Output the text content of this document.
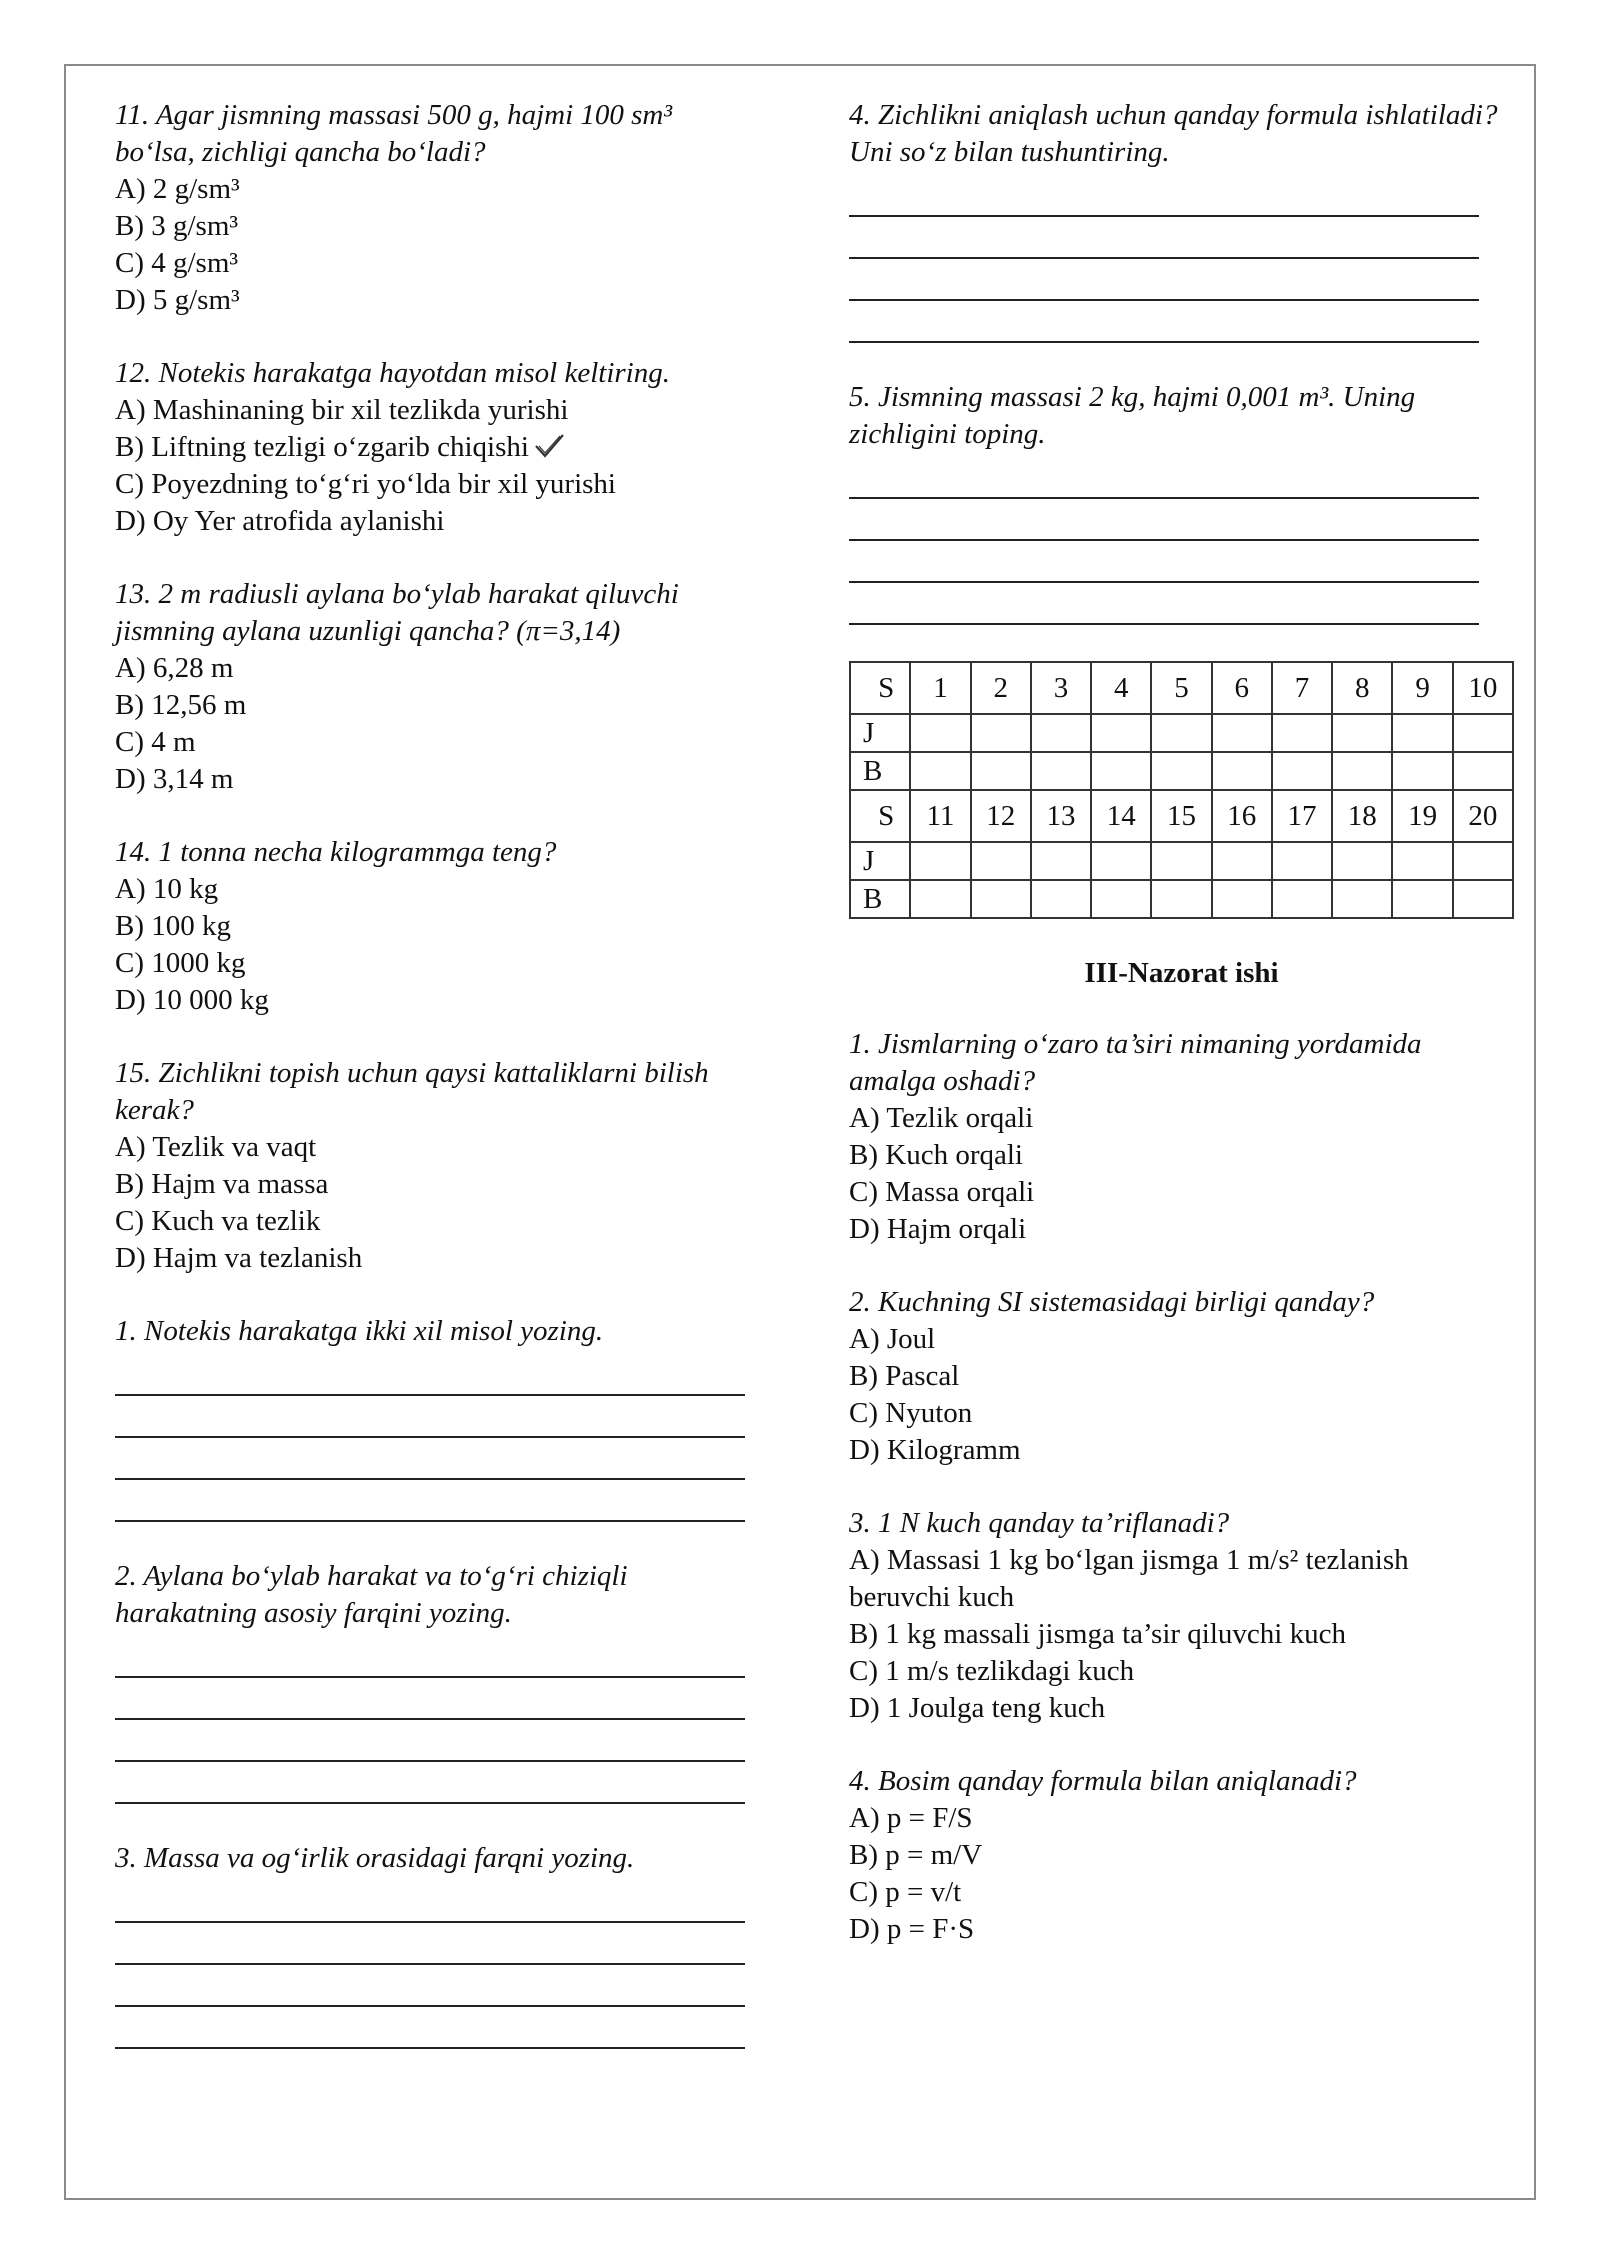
11. Agar jismning massasi 500 g, hajmi 100 sm³ bo‘lsa, zichligi qancha bo‘ladi?
A) 2 g/sm³
B) 3 g/sm³
C) 4 g/sm³
D) 5 g/sm³
12. Notekis harakatga hayotdan misol keltiring.
A) Mashinaning bir xil tezlikda yurishi
B) Liftning tezligi o‘zgarib chiqishi
C) Poyezdning to‘g‘ri yo‘lda bir xil yurishi
D) Oy Yer atrofida aylanishi
13. 2 m radiusli aylana bo‘ylab harakat qiluvchi jismning aylana uzunligi qancha? (π=3,14)
A) 6,28 m
B) 12,56 m
C) 4 m
D) 3,14 m
14. 1 tonna necha kilogrammga teng?
A) 10 kg
B) 100 kg
C) 1000 kg
D) 10 000 kg
15. Zichlikni topish uchun qaysi kattaliklarni bilish kerak?
A) Tezlik va vaqt
B) Hajm va massa
C) Kuch va tezlik
D) Hajm va tezlanish
1. Notekis harakatga ikki xil misol yozing.
2. Aylana bo‘ylab harakat va to‘g‘ri chiziqli harakatning asosiy farqini yozing.
3. Massa va og‘irlik orasidagi farqni yozing.
4. Zichlikni aniqlash uchun qanday formula ishlatiladi? Uni so‘z bilan tushuntiring.
5. Jismning massasi 2 kg, hajmi 0,001 m³. Uning zichligini toping.
S	1	2	3	4	5	6	7	8	9	10
J										
B										
S	11	12	13	14	15	16	17	18	19	20
J										
B										
III-Nazorat ishi
1. Jismlarning o‘zaro ta’siri nimaning yordamida amalga oshadi?
A) Tezlik orqali
B) Kuch orqali
C) Massa orqali
D) Hajm orqali
2. Kuchning SI sistemasidagi birligi qanday?
A) Joul
B) Pascal
C) Nyuton
D) Kilogramm
3. 1 N kuch qanday ta’riflanadi?
A) Massasi 1 kg bo‘lgan jismga 1 m/s² tezlanish beruvchi kuch
B) 1 kg massali jismga ta’sir qiluvchi kuch
C) 1 m/s tezlikdagi kuch
D) 1 Joulga teng kuch
4. Bosim qanday formula bilan aniqlanadi?
A) p = F/S
B) p = m/V
C) p = v/t
D) p = F·S
